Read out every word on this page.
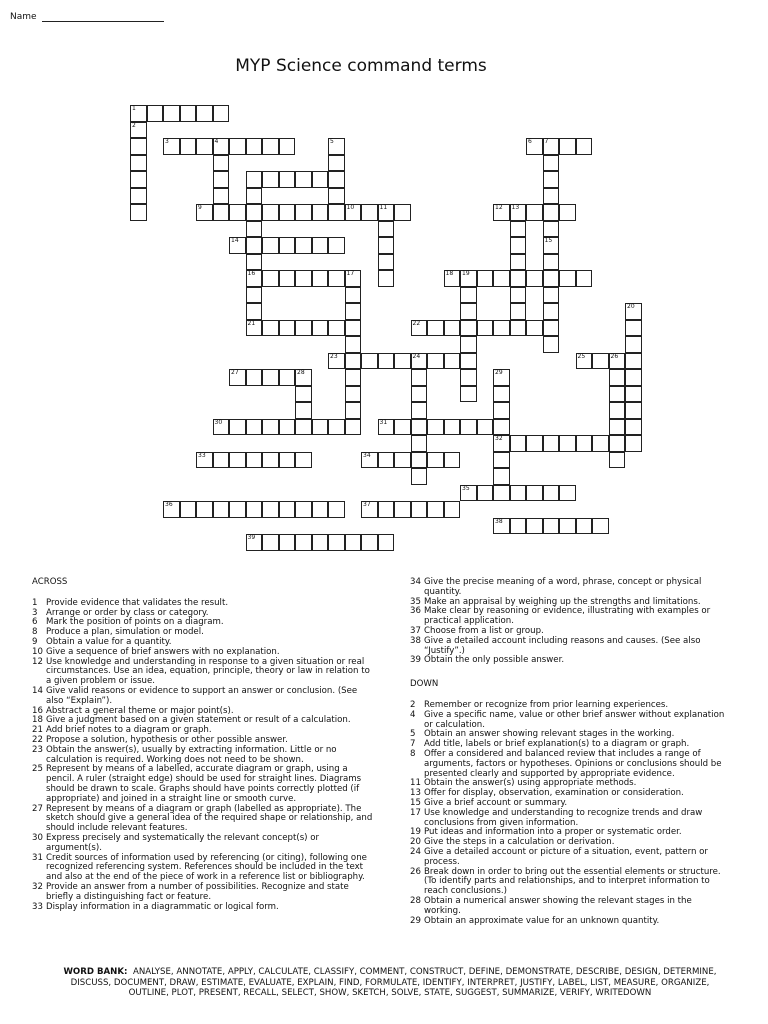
Name
MYP Science command terms
1
2
3	4	5	6 7
16
9	10	11	12 13
14	15
17	18 19
20
21	22
23	24	25	26
27	28	29
32
30	31
33	34
35
36	37
38
39
ACROSS
1 Provide evidence that validates the result.
3 Arrange or order by class or category.
6 Mark the position of points on a diagram.
8 Produce a plan, simulation or model.
9 Obtain a value for a quantity.
10 Give a sequence of brief answers with no explanation.
12 Use knowledge and understanding in response to a given situation or real circumstances. Use an idea, equation, principle, theory or law in relation to a given problem or issue.
14 Give valid reasons or evidence to support an answer or conclusion. (See also “Explain”).
16 Abstract a general theme or major point(s).
18 Give a judgment based on a given statement or result of a calculation.
21 Add brief notes to a diagram or graph.
22 Propose a solution, hypothesis or other possible answer.
23 Obtain the answer(s), usually by extracting information. Little or no calculation is required. Working does not need to be shown.
25 Represent by means of a labelled, accurate diagram or graph, using a pencil. A ruler (straight edge) should be used for straight lines. Diagrams should be drawn to scale. Graphs should have points correctly plotted (if appropriate) and joined in a straight line or smooth curve.
27 Represent by means of a diagram or graph (labelled as appropriate). The sketch should give a general idea of the required shape or relationship, and should include relevant features.
30 Express precisely and systematically the relevant concept(s) or argument(s).
31 Credit sources of information used by referencing (or citing), following one recognized referencing system. References should be included in the text and also at the end of the piece of work in a reference list or bibliography.
32 Provide an answer from a number of possibilities. Recognize and state briefly a distinguishing fact or feature.
33 Display information in a diagrammatic or logical form.
34 Give the precise meaning of a word, phrase, concept or physical quantity.
35 Make an appraisal by weighing up the strengths and limitations.
36 Make clear by reasoning or evidence, illustrating with examples or practical application.
37 Choose from a list or group.
38 Give a detailed account including reasons and causes. (See also “Justify”.)
39 Obtain the only possible answer.
DOWN
2 Remember or recognize from prior learning experiences.
4 Give a specific name, value or other brief answer without explanation or calculation.
5 Obtain an answer showing relevant stages in the working.
7 Add title, labels or brief explanation(s) to a diagram or graph.
8 Offer a considered and balanced review that includes a range of arguments, factors or hypotheses. Opinions or conclusions should be presented clearly and supported by appropriate evidence.
11 Obtain the answer(s) using appropriate methods.
13 Offer for display, observation, examination or consideration.
15 Give a brief account or summary.
17 Use knowledge and understanding to recognize trends and draw conclusions from given information.
19 Put ideas and information into a proper or systematic order.
20 Give the steps in a calculation or derivation.
24 Give a detailed account or picture of a situation, event, pattern or process.
26 Break down in order to bring out the essential elements or structure. (To identify parts and relationships, and to interpret information to reach conclusions.)
28 Obtain a numerical answer showing the relevant stages in the working.
29 Obtain an approximate value for an unknown quantity.
WORD BANK: ANALYSE, ANNOTATE, APPLY, CALCULATE, CLASSIFY, COMMENT, CONSTRUCT, DEFINE, DEMONSTRATE, DESCRIBE, DESIGN, DETERMINE, DISCUSS, DOCUMENT, DRAW, ESTIMATE, EVALUATE, EXPLAIN, FIND, FORMULATE, IDENTIFY, INTERPRET, JUSTIFY, LABEL, LIST, MEASURE, ORGANIZE, OUTLINE, PLOT, PRESENT, RECALL, SELECT, SHOW, SKETCH, SOLVE, STATE, SUGGEST, SUMMARIZE, VERIFY, WRITEDOWN
